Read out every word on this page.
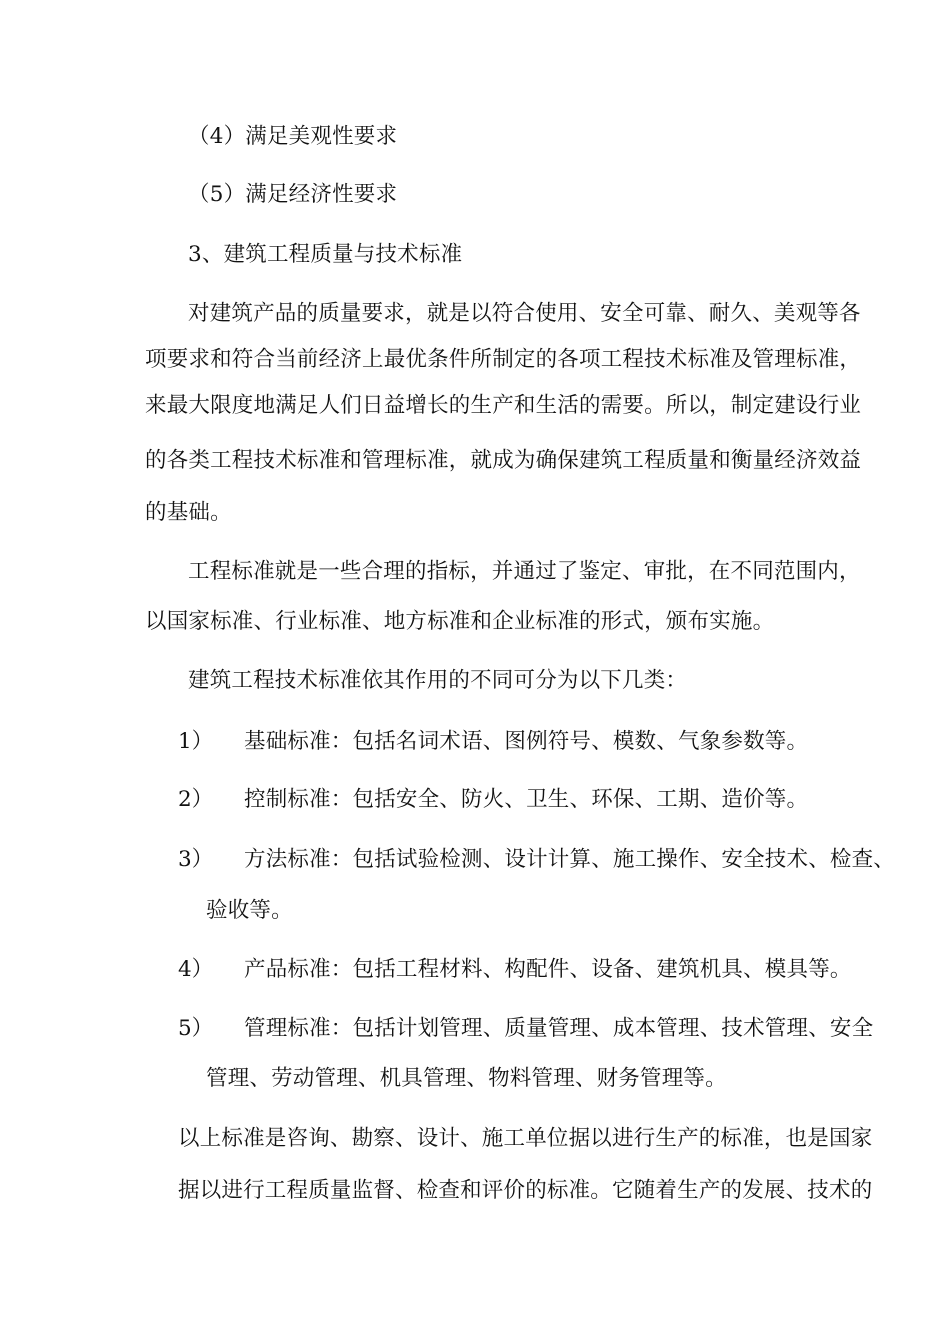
（4）满足美观性要求
（5）满足经济性要求
3、建筑工程质量与技术标准
对建筑产品的质量要求，就是以符合使用、安全可靠、耐久、美观等各
项要求和符合当前经济上最优条件所制定的各项工程技术标准及管理标准，
来最大限度地满足人们日益增长的生产和生活的需要。所以，制定建设行业
的各类工程技术标准和管理标准，就成为确保建筑工程质量和衡量经济效益
的基础。
工程标准就是一些合理的指标，并通过了鉴定、审批，在不同范围内，
以国家标准、行业标准、地方标准和企业标准的形式，颁布实施。
建筑工程技术标准依其作用的不同可分为以下几类：
1） 基础标准：包括名词术语、图例符号、模数、气象参数等。
2） 控制标准：包括安全、防火、卫生、环保、工期、造价等。
3） 方法标准：包括试验检测、设计计算、施工操作、安全技术、检查、
验收等。
4） 产品标准：包括工程材料、构配件、设备、建筑机具、模具等。
5） 管理标准：包括计划管理、质量管理、成本管理、技术管理、安全
管理、劳动管理、机具管理、物料管理、财务管理等。
以上标准是咨询、勘察、设计、施工单位据以进行生产的标准，也是国家
据以进行工程质量监督、检查和评价的标准。它随着生产的发展、技术的
